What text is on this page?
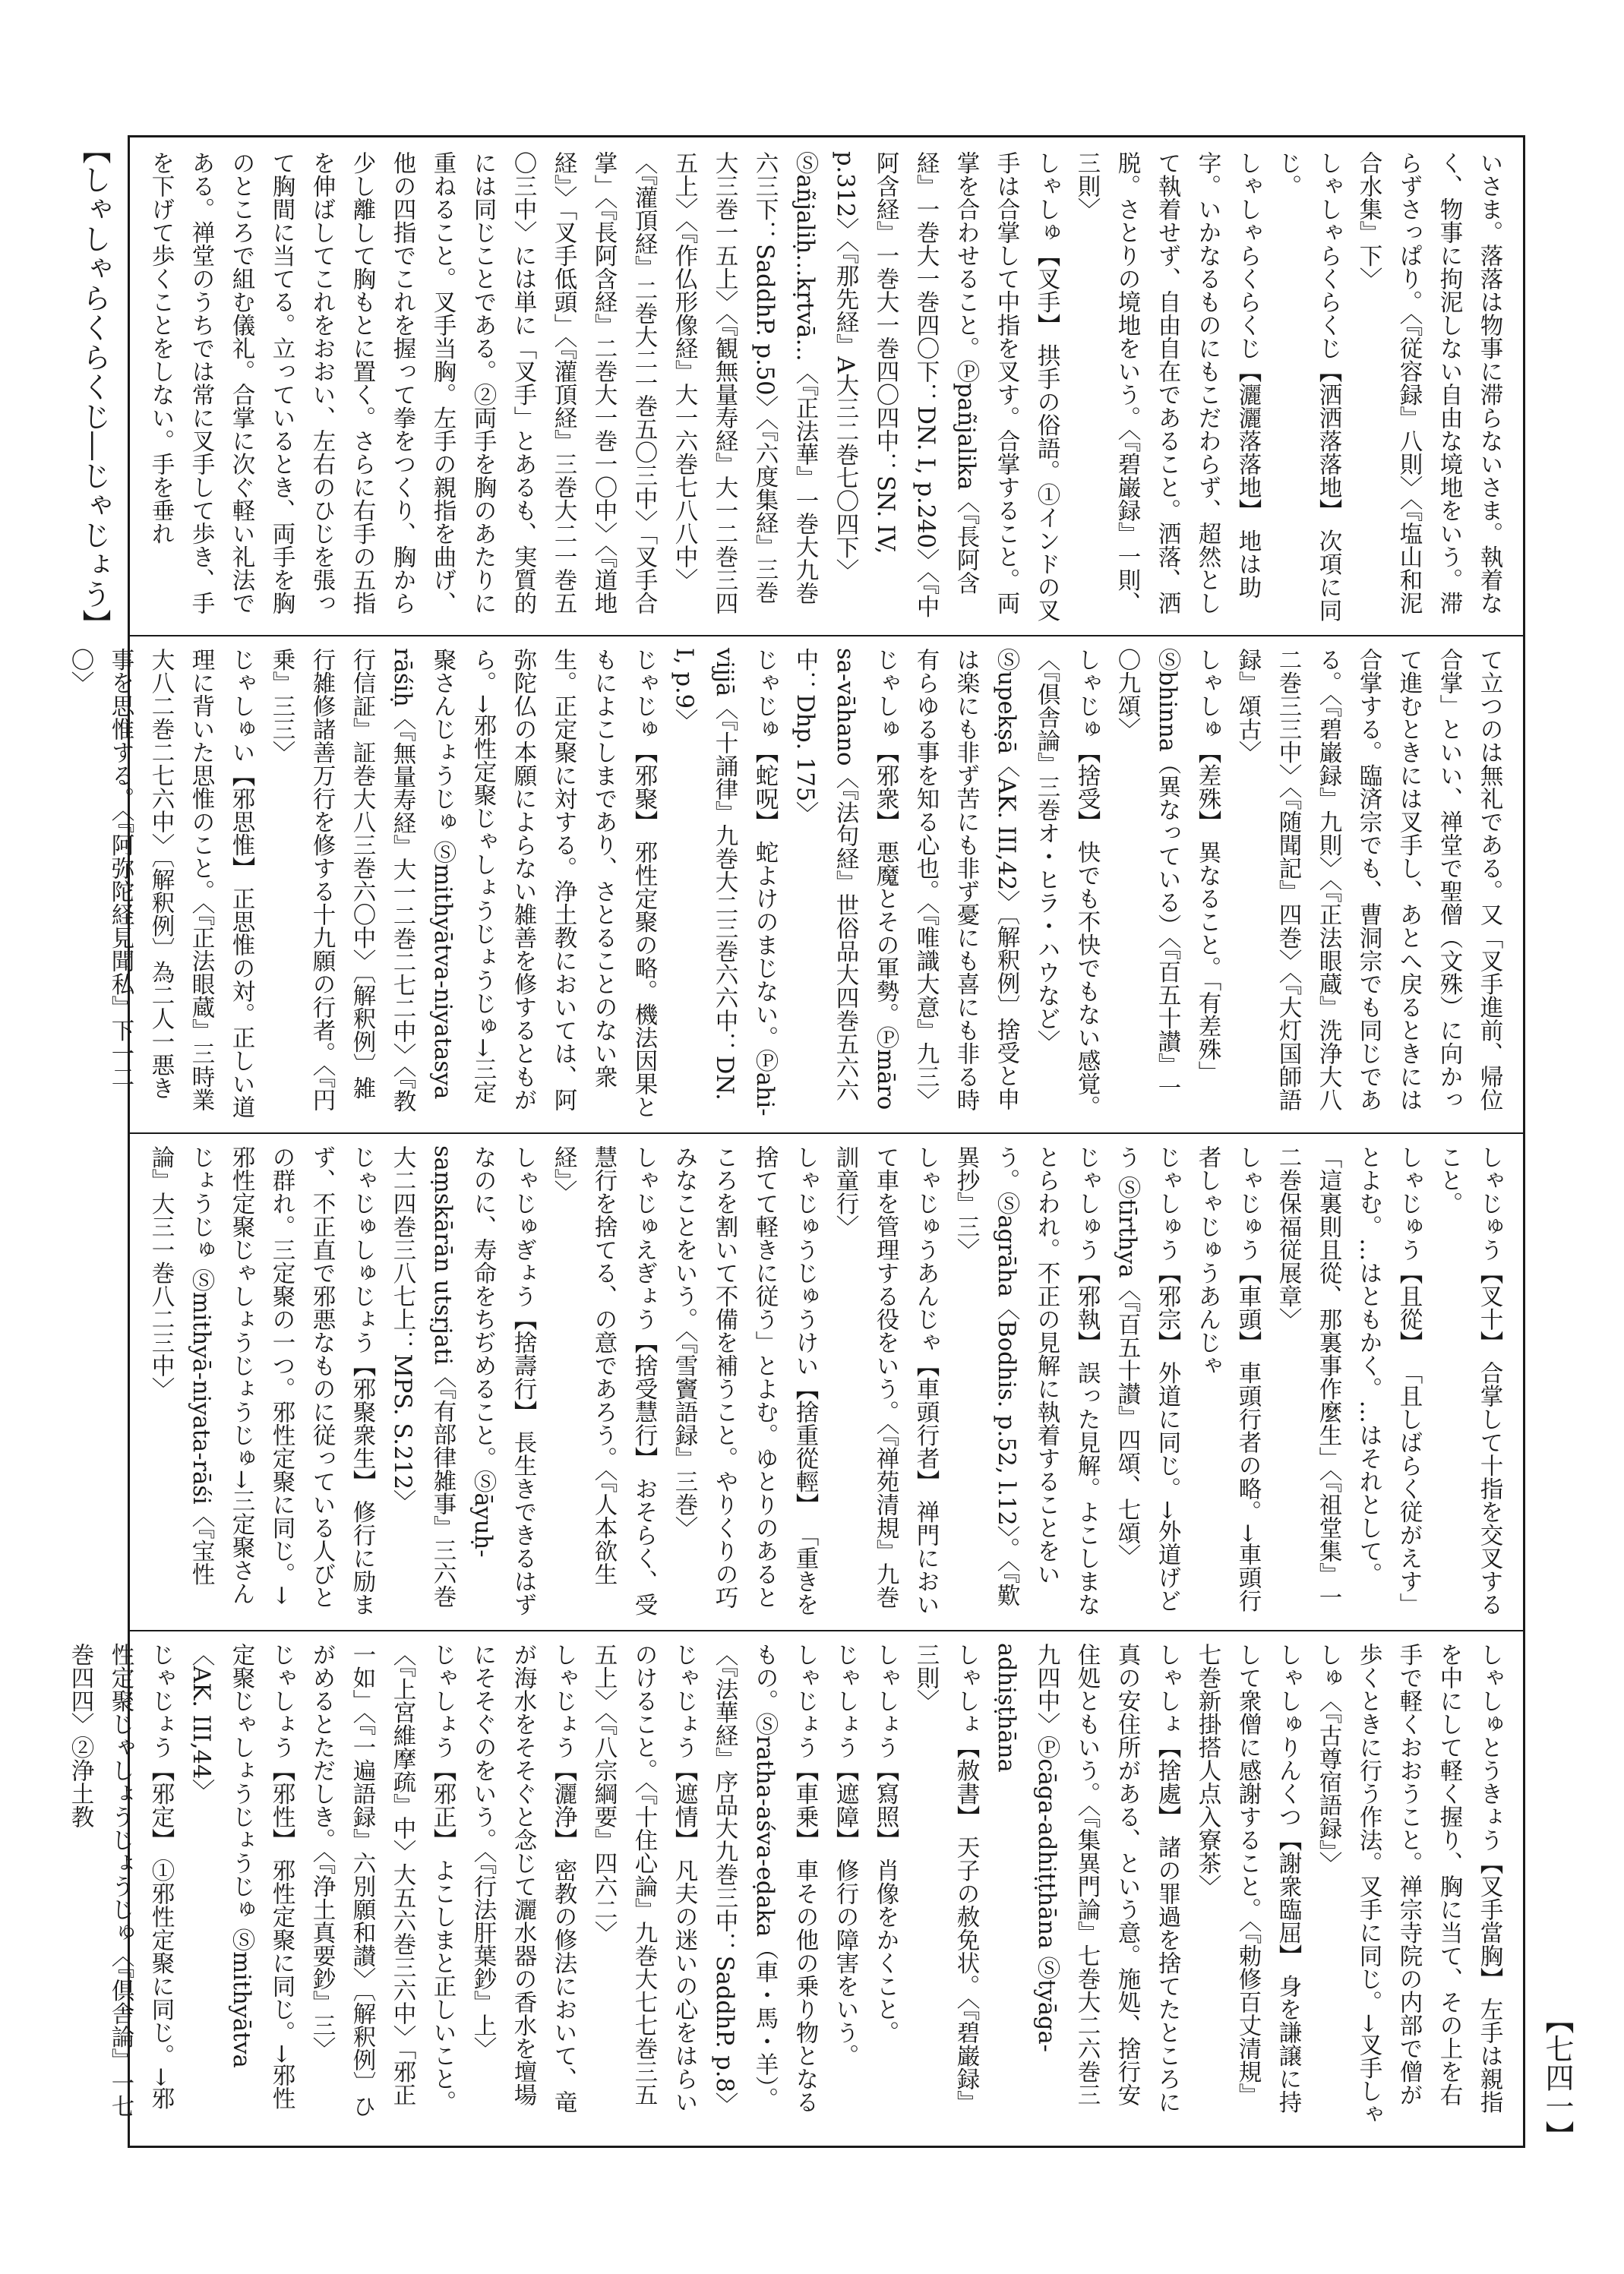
【しゃしゃらくらくじ―じゃじょう】	いさま。落落は物事に滞らないさま。執着なく、物事に拘泥しない自由な境地をいう。滞らずさっぱり。〈『従容録』八則〉〈『塩山和泥合水集』下〉

しゃしゃらくらくじ【洒洒落落地】 次項に同じ。

しゃしゃらくらくじ【灑灑落落地】 地は助字。いかなるものにもこだわらず、超然として執着せず、自由自在であること。洒落、洒脱。さとりの境地をいう。〈『碧巌録』一則、三則〉

しゃしゅ【叉手】 拱手の俗語。①インドの叉手は合掌して中指を叉す。合掌すること。両掌を合わせること。Ⓟpañjalika〈『長阿含経』一巻大一巻四〇下：DN. I, p.240〉〈『中阿含経』一巻大一巻四〇四中：SN. IV, p.312〉〈『那先経』A大三二巻七〇四下〉Ⓢañjaliḥ…kṛtvā…〈『正法華』一巻大九巻六三下：SaddhP. p.50〉〈『六度集経』三巻大三巻一五上〉〈『観無量寿経』大一二巻三四五上〉〈『作仏形像経』大一六巻七八八中〉〈『灌頂経』二巻大二一巻五〇三中〉「叉手合掌」〈『長阿含経』二巻大一巻一〇中〉〈『道地経』〉「叉手低頭」〈『灌頂経』三巻大二一巻五〇三中〉には単に「叉手」とあるも、実質的には同じことである。②両手を胸のあたりに重ねること。叉手当胸。左手の親指を曲げ、他の四指でこれを握って拳をつくり、胸から少し離して胸もとに置く。さらに右手の五指を伸ばしてこれをおおい、左右のひじを張って胸間に当てる。立っているとき、両手を胸のところで組む儀礼。合掌に次ぐ軽い礼法である。禅堂のうちでは常に叉手して歩き、手を下げて歩くことをしない。手を垂れ

て立つのは無礼である。又「叉手進前、帰位合掌」といい、禅堂で聖僧（文殊）に向かって進むときには叉手し、あとへ戻るときには合掌する。臨済宗でも、曹洞宗でも同じである。〈『碧巌録』九則〉〈『正法眼蔵』洗浄大八二巻三三中〉〈『随聞記』四巻〉〈『大灯国師語録』頌古〉

しゃしゅ【差殊】 異なること。「有差殊」Ⓢbhinna（異なっている）〈『百五十讃』一〇九頌〉

しゃじゅ【捨受】 快でも不快でもない感覚。〈『倶舎論』三巻オ・ヒラ・ハウなど〉Ⓢupekṣā〈AK. III,42〉〔解釈例〕捨受と申は楽にも非ず苦にも非ず憂にも喜にも非る時有らゆる事を知る心也。〈『唯識大意』九三〉

じゃしゅ【邪衆】 悪魔とその軍勢。Ⓟmāro sa-vāhano〈『法句経』世俗品大四巻五六六中：Dhp. 175〉

じゃじゅ【蛇呪】 蛇よけのまじない。Ⓟahi-vijjā〈『十誦律』九巻大二三巻六六中：DN. I, p.9〉

じゃじゅ【邪聚】 邪性定聚の略。機法因果ともによこしまであり、さとることのない衆生。正定聚に対する。浄土教においては、阿弥陀仏の本願によらない雑善を修するともがら。→邪性定聚じゃしょうじょうじゅ→三定聚さんじょうじゅ Ⓢmithyātva-niyatasya rāśiḥ〈『無量寿経』大一二巻二七二中〉〈『教行信証』証巻大八三巻六〇中〉〔解釈例〕雑行雑修諸善万行を修する十九願の行者。〈『円乗』三三〉

じゃしゅい【邪思惟】 正思惟の対。正しい道理に背いた思惟のこと。〈『正法眼蔵』三時業大八二巻二七六中〉〔解釈例〕為二人一悪き事を思惟する。〈『阿弥陀経見聞私』下一二〇〉

しゃじゅう【叉十】 合掌して十指を交叉すること。

しゃじゅう【且從】 「且しばらく従がえす」とよむ。…はともかく。…はそれとして。「這裏則且從、那裏事作麼生」〈『祖堂集』一二巻保福従展章〉

しゃじゅう【車頭】 車頭行者の略。→車頭行者しゃじゅうあんじゃ

じゃしゅう【邪宗】 外道に同じ。→外道げどう Ⓢtīrthya〈『百五十讃』四頌、七頌〉

じゃしゅう【邪執】 誤った見解。よこしまなとらわれ。不正の見解に執着することをいう。Ⓢagrāha〈Bodhis. p.52, l.12〉。〈『歎異抄』三〉

しゃじゅうあんじゃ【車頭行者】 禅門において車を管理する役をいう。〈『禅苑清規』九巻訓童行〉

しゃじゅうじゅうけい【捨重從輕】 「重きを捨てて軽きに従う」とよむ。ゆとりのあるところを割いて不備を補うこと。やりくりの巧みなことをいう。〈『雪竇語録』三巻〉

しゃじゅえぎょう【捨受慧行】 おそらく、受慧行を捨てる、の意であろう。〈『人本欲生経』〉

しゃじゅぎょう【捨壽行】 長生きできるはずなのに、寿命をちぢめること。Ⓢāyuḥ-saṃskārān utsṛjati〈『有部律雑事』三六巻大二四巻三八七上：MPS. S.212〉

じゃじゅしゅじょう【邪聚衆生】 修行に励まず、不正直で邪悪なものに従っている人びとの群れ。三定聚の一つ。邪性定聚に同じ。→邪性定聚じゃしょうじょうじゅ→三定聚さんじょうじゅ Ⓢmithyā-niyata-rāśi〈『宝性論』大三一巻八二三中〉

しゃしゅとうきょう【叉手當胸】 左手は親指を中にして軽く握り、胸に当て、その上を右手で軽くおおうこと。禅宗寺院の内部で僧が歩くときに行う作法。叉手に同じ。→叉手しゃしゅ〈『古尊宿語録』〉

しゃしゅりんくつ【謝衆臨屈】 身を謙譲に持して衆僧に感謝すること。〈『勅修百丈清規』七巻新掛搭人点入寮茶〉

しゃしょ【捨處】 諸の罪過を捨てたところに真の安住所がある、という意。施処、捨行安住処ともいう。〈『集異門論』七巻大二六巻三九四中〉Ⓟcāga-adhiṭṭhāna Ⓢtyāga-adhiṣṭhāna

しゃしょ【赦書】 天子の赦免状。〈『碧巌録』三則〉

しゃしょう【寫照】 肖像をかくこと。

じゃしょう【遮障】 修行の障害をいう。

しゃじょう【車乗】 車その他の乗り物となるもの。Ⓢratha-aśva-eḍaka（車・馬・羊）。〈『法華経』序品大九巻三中：SaddhP. p.8〉

じゃじょう【遮情】 凡夫の迷いの心をはらいのけること。〈『十住心論』九巻大七七巻三五五上〉〈『八宗綱要』四六二〉

しゃじょう【灑浄】 密教の修法において、竜が海水をそそぐと念じて灑水器の香水を壇場にそそぐのをいう。〈『行法肝葉鈔』上〉

じゃしょう【邪正】 よこしまと正しいこと。〈『上宮維摩疏』中〉大五六巻三六中〉「邪正一如」〈『一遍語録』六別願和讃〉〔解釈例〕ひがめるとただしき。〈『浄土真要鈔』三〉

じゃしょう【邪性】 邪性定聚に同じ。→邪性定聚じゃしょうじょうじゅ Ⓢmithyātva〈AK. III,44〉

じゃじょう【邪定】 ①邪性定聚に同じ。→邪性定聚じゃしょうじょうじゅ〈『倶舎論』一七巻四四〉②浄土教

【七四一】
